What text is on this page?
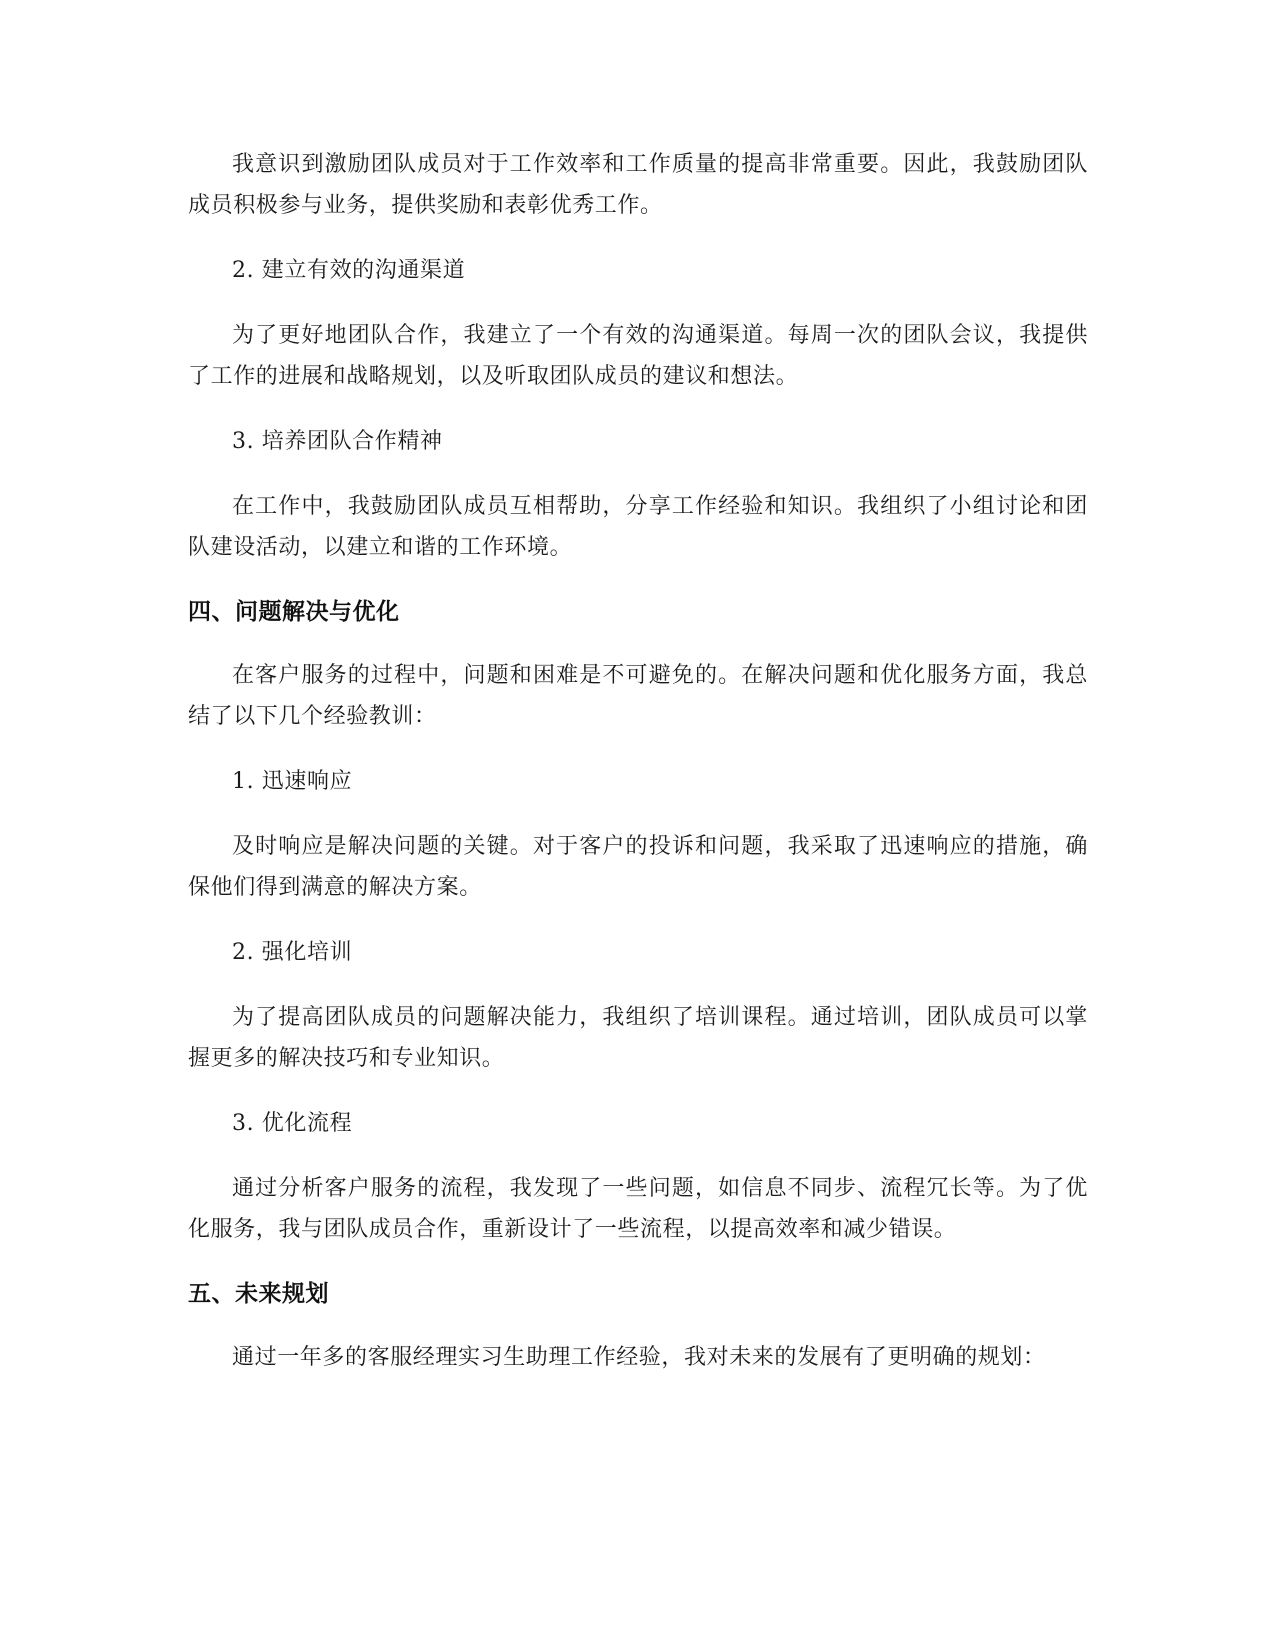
我意识到激励团队成员对于工作效率和工作质量的提高非常重要。因此，我鼓励团队成员积极参与业务，提供奖励和表彰优秀工作。

2. 建立有效的沟通渠道

为了更好地团队合作，我建立了一个有效的沟通渠道。每周一次的团队会议，我提供了工作的进展和战略规划，以及听取团队成员的建议和想法。

3. 培养团队合作精神

在工作中，我鼓励团队成员互相帮助，分享工作经验和知识。我组织了小组讨论和团队建设活动，以建立和谐的工作环境。

四、问题解决与优化

在客户服务的过程中，问题和困难是不可避免的。在解决问题和优化服务方面，我总结了以下几个经验教训：

1. 迅速响应

及时响应是解决问题的关键。对于客户的投诉和问题，我采取了迅速响应的措施，确保他们得到满意的解决方案。

2. 强化培训

为了提高团队成员的问题解决能力，我组织了培训课程。通过培训，团队成员可以掌握更多的解决技巧和专业知识。

3. 优化流程

通过分析客户服务的流程，我发现了一些问题，如信息不同步、流程冗长等。为了优化服务，我与团队成员合作，重新设计了一些流程，以提高效率和减少错误。

五、未来规划

通过一年多的客服经理实习生助理工作经验，我对未来的发展有了更明确的规划：
